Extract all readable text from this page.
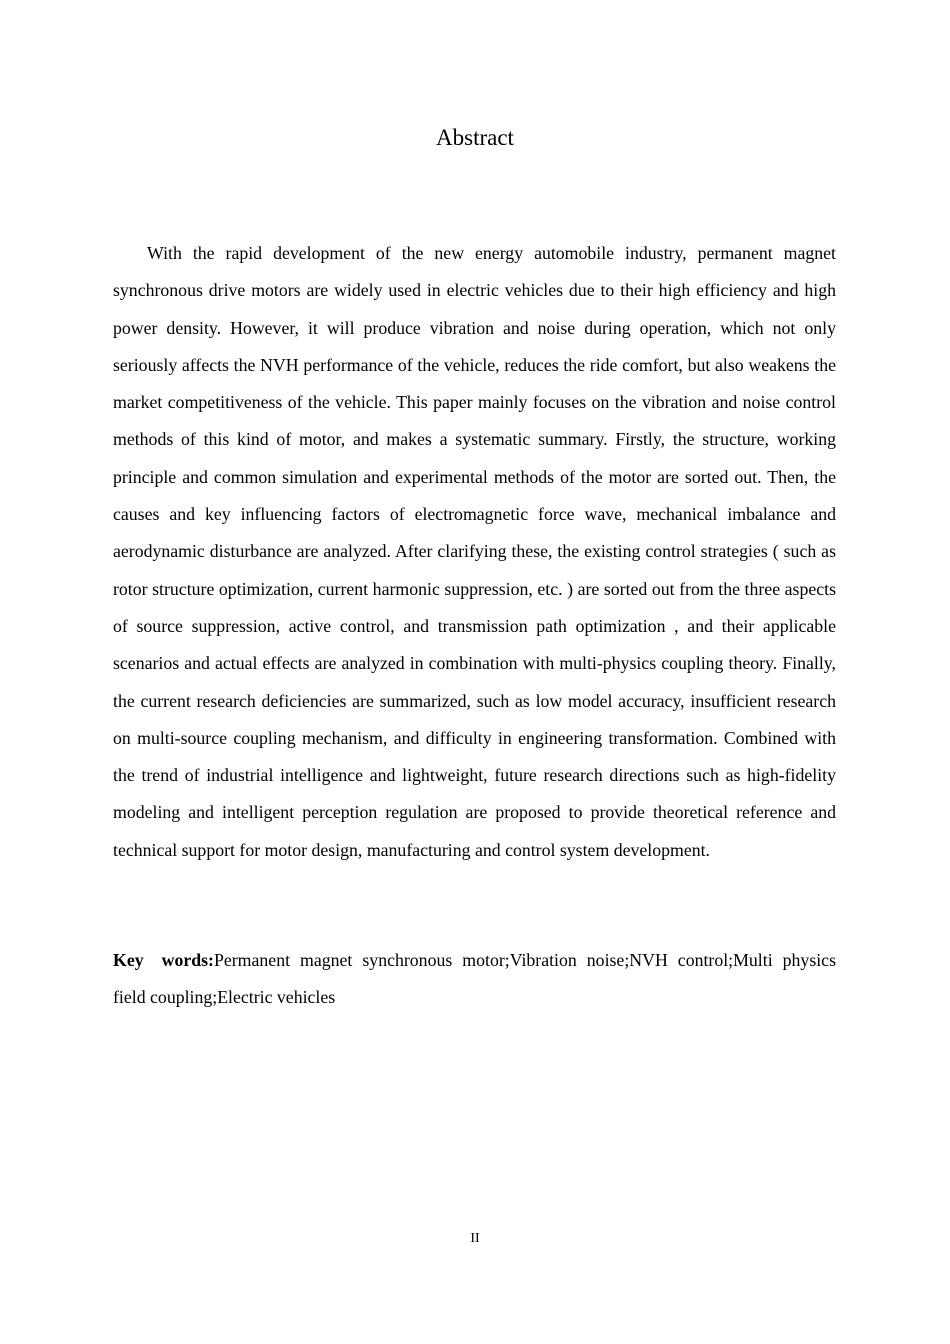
Abstract

With the rapid development of the new energy automobile industry, permanent magnet synchronous drive motors are widely used in electric vehicles due to their high efficiency and high power density. However, it will produce vibration and noise during operation, which not only seriously affects the NVH performance of the vehicle, reduces the ride comfort, but also weakens the market competitiveness of the vehicle. This paper mainly focuses on the vibration and noise control methods of this kind of motor, and makes a systematic summary. Firstly, the structure, working principle and common simulation and experimental methods of the motor are sorted out. Then, the causes and key influencing factors of electromagnetic force wave, mechanical imbalance and aerodynamic disturbance are analyzed. After clarifying these, the existing control strategies ( such as rotor structure optimization, current harmonic suppression, etc. ) are sorted out from the three aspects of source suppression, active control, and transmission path optimization , and their applicable scenarios and actual effects are analyzed in combination with multi-physics coupling theory. Finally, the current research deficiencies are summarized, such as low model accuracy, insufficient research on multi-source coupling mechanism, and difficulty in engineering transformation. Combined with the trend of industrial intelligence and lightweight, future research directions such as high-fidelity modeling and intelligent perception regulation are proposed to provide theoretical reference and technical support for motor design, manufacturing and control system development.

Key words:Permanent magnet synchronous motor;Vibration noise;NVH control;Multi physics field coupling;Electric vehicles

II
